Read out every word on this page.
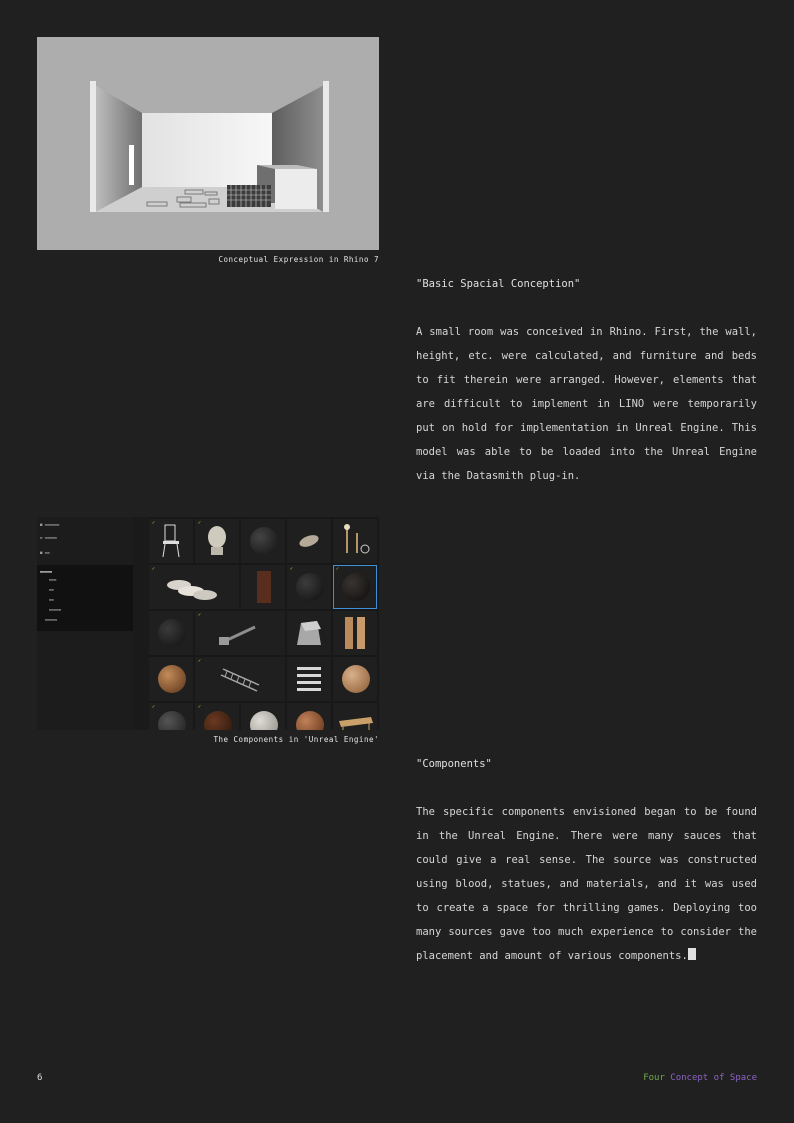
Conceptual Expression in Rhino 7
"Basic Spacial Conception"
A small room was conceived in Rhino. First, the wall, height, etc. were calculated, and furniture and beds to fit therein were arranged. However, elements that are difficult to implement in LINO were temporarily put on hold for implementation in Unreal Engine. This model was able to be loaded into the Unreal Engine via the Datasmith plug-in.
■ ▬▬▬▬▬▬
▬ ▬▬▬▬▬
■ ▬▬
▬▬▬▬▬
▬▬▬
▬▬
▬▬
▬▬▬▬▬
▬▬▬▬▬
✓	✓
✓	✓	✓
✓
✓
✓	✓
The Components in 'Unreal Engine'
"Components"
The specific components envisioned began to be found in the Unreal Engine. There were many sauces that could give a real sense. The source was constructed using blood, statues, and materials, and it was used to create a space for thrilling games. Deploying too many sources gave too much experience to consider the placement and amount of various components.
6	Four Concept of Space
